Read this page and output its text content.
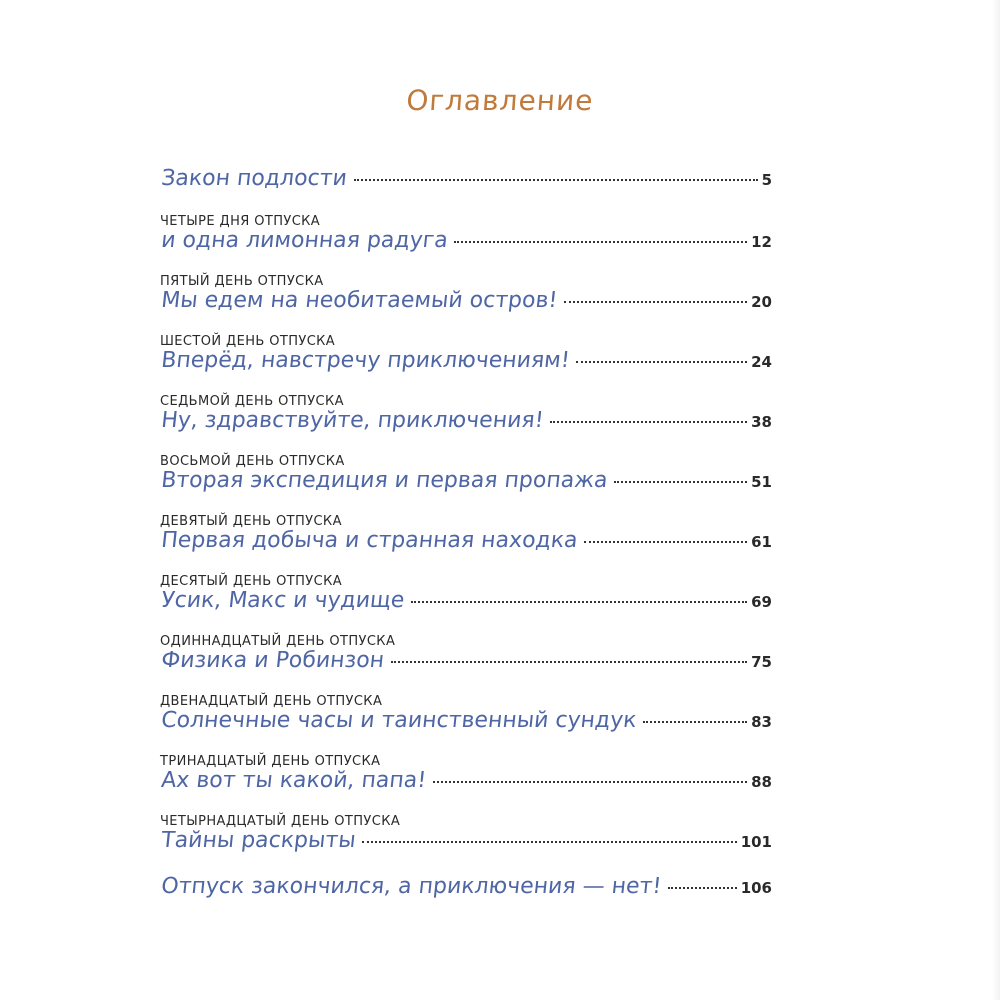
Оглавление
Закон подлости	5
ЧЕТЫРЕ ДНЯ ОТПУСКА
и одна лимонная радуга	12
ПЯТЫЙ ДЕНЬ ОТПУСКА
Мы едем на необитаемый остров!	20
ШЕСТОЙ ДЕНЬ ОТПУСКА
Вперёд, навстречу приключениям!	24
СЕДЬМОЙ ДЕНЬ ОТПУСКА
Ну, здравствуйте, приключения!	38
ВОСЬМОЙ ДЕНЬ ОТПУСКА
Вторая экспедиция и первая пропажа	51
ДЕВЯТЫЙ ДЕНЬ ОТПУСКА
Первая добыча и странная находка	61
ДЕСЯТЫЙ ДЕНЬ ОТПУСКА
Усик, Макс и чудище	69
ОДИННАДЦАТЫЙ ДЕНЬ ОТПУСКА
Физика и Робинзон	75
ДВЕНАДЦАТЫЙ ДЕНЬ ОТПУСКА
Солнечные часы и таинственный сундук	83
ТРИНАДЦАТЫЙ ДЕНЬ ОТПУСКА
Ах вот ты какой, папа!	88
ЧЕТЫРНАДЦАТЫЙ ДЕНЬ ОТПУСКА
Тайны раскрыты	101
Отпуск закончился, а приключения — нет!	106
